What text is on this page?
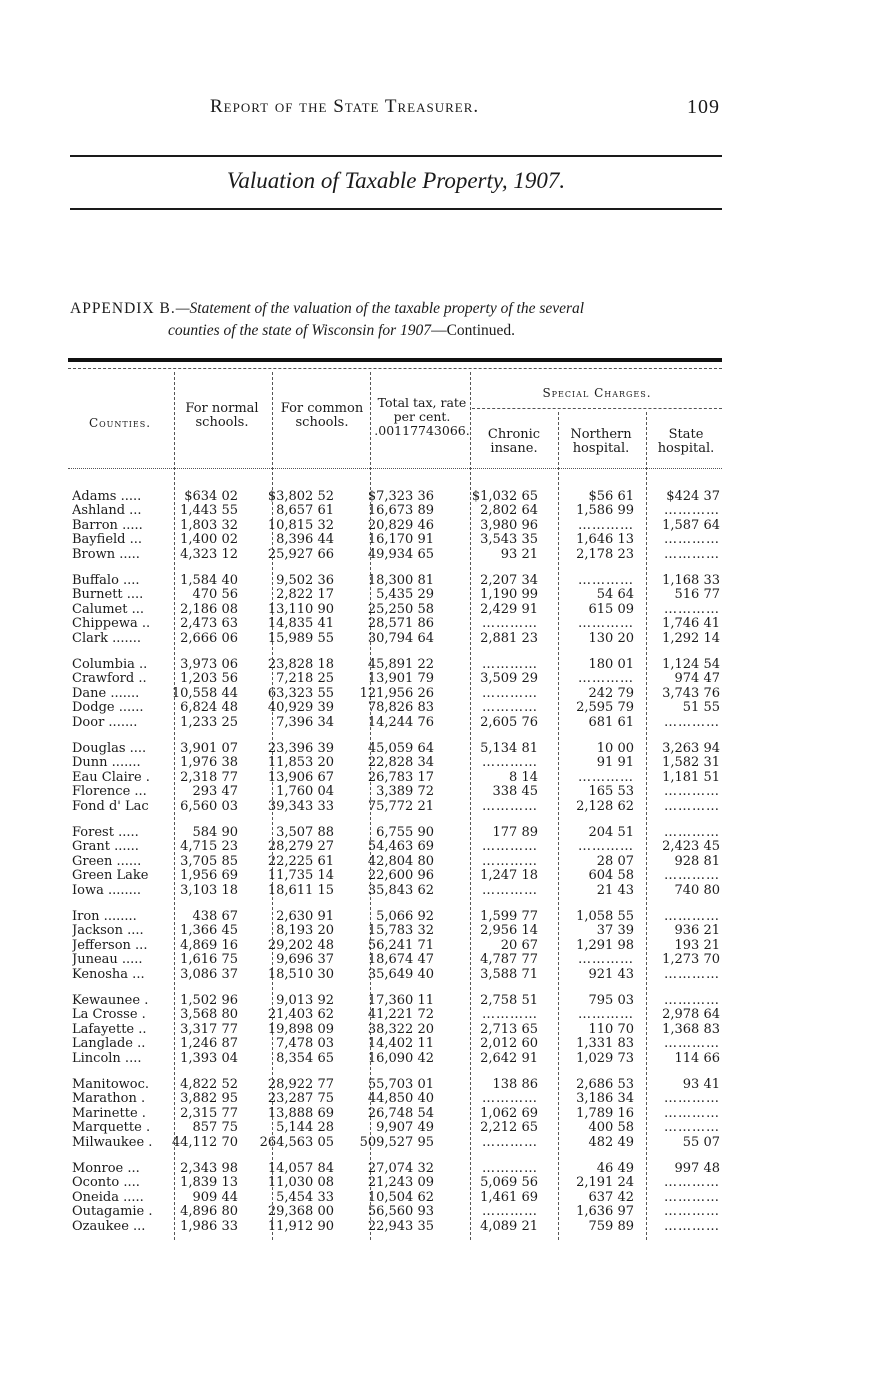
Report of the State Treasurer.	109
Valuation of Taxable Property, 1907.
APPENDIX B.—Statement of the valuation of the taxable property of the several
counties of the state of Wisconsin for 1907—Continued.
Counties.
For normal schools.
For common schools.
Total tax, rate per cent. .00117743066.
Special Charges.
Chronic insane.
Northern hospital.
State hospital.
Adams .....	$634 02	$3,802 52	$7,323 36	$1,032 65	$56 61	$424 37
Ashland ...	1,443 55	8,657 61	16,673 89	2,802 64	1,586 99	…………
Barron .....	1,803 32	10,815 32	20,829 46	3,980 96	…………	1,587 64
Bayfield ...	1,400 02	8,396 44	16,170 91	3,543 35	1,646 13	…………
Brown .....	4,323 12	25,927 66	49,934 65	93 21	2,178 23	…………
Buffalo ....	1,584 40	9,502 36	18,300 81	2,207 34	…………	1,168 33
Burnett ....	470 56	2,822 17	5,435 29	1,190 99	54 64	516 77
Calumet ...	2,186 08	13,110 90	25,250 58	2,429 91	615 09	…………
Chippewa ..	2,473 63	14,835 41	28,571 86	…………	…………	1,746 41
Clark .......	2,666 06	15,989 55	30,794 64	2,881 23	130 20	1,292 14
Columbia ..	3,973 06	23,828 18	45,891 22	…………	180 01	1,124 54
Crawford ..	1,203 56	7,218 25	13,901 79	3,509 29	…………	974 47
Dane .......	10,558 44	63,323 55	121,956 26	…………	242 79	3,743 76
Dodge ......	6,824 48	40,929 39	78,826 83	…………	2,595 79	51 55
Door .......	1,233 25	7,396 34	14,244 76	2,605 76	681 61	…………
Douglas ....	3,901 07	23,396 39	45,059 64	5,134 81	10 00	3,263 94
Dunn .......	1,976 38	11,853 20	22,828 34	…………	91 91	1,582 31
Eau Claire .	2,318 77	13,906 67	26,783 17	8 14	…………	1,181 51
Florence ...	293 47	1,760 04	3,389 72	338 45	165 53	…………
Fond d' Lac	6,560 03	39,343 33	75,772 21	…………	2,128 62	…………
Forest .....	584 90	3,507 88	6,755 90	177 89	204 51	…………
Grant ......	4,715 23	28,279 27	54,463 69	…………	…………	2,423 45
Green ......	3,705 85	22,225 61	42,804 80	…………	28 07	928 81
Green Lake	1,956 69	11,735 14	22,600 96	1,247 18	604 58	…………
Iowa ........	3,103 18	18,611 15	35,843 62	…………	21 43	740 80
Iron ........	438 67	2,630 91	5,066 92	1,599 77	1,058 55	…………
Jackson ....	1,366 45	8,193 20	15,783 32	2,956 14	37 39	936 21
Jefferson ...	4,869 16	29,202 48	56,241 71	20 67	1,291 98	193 21
Juneau .....	1,616 75	9,696 37	18,674 47	4,787 77	…………	1,273 70
Kenosha ...	3,086 37	18,510 30	35,649 40	3,588 71	921 43	…………
Kewaunee .	1,502 96	9,013 92	17,360 11	2,758 51	795 03	…………
La Crosse .	3,568 80	21,403 62	41,221 72	…………	…………	2,978 64
Lafayette ..	3,317 77	19,898 09	38,322 20	2,713 65	110 70	1,368 83
Langlade ..	1,246 87	7,478 03	14,402 11	2,012 60	1,331 83	…………
Lincoln ....	1,393 04	8,354 65	16,090 42	2,642 91	1,029 73	114 66
Manitowoc.	4,822 52	28,922 77	55,703 01	138 86	2,686 53	93 41
Marathon .	3,882 95	23,287 75	44,850 40	…………	3,186 34	…………
Marinette .	2,315 77	13,888 69	26,748 54	1,062 69	1,789 16	…………
Marquette .	857 75	5,144 28	9,907 49	2,212 65	400 58	…………
Milwaukee .	44,112 70	264,563 05	509,527 95	…………	482 49	55 07
Monroe ...	2,343 98	14,057 84	27,074 32	…………	46 49	997 48
Oconto ....	1,839 13	11,030 08	21,243 09	5,069 56	2,191 24	…………
Oneida .....	909 44	5,454 33	10,504 62	1,461 69	637 42	…………
Outagamie .	4,896 80	29,368 00	56,560 93	…………	1,636 97	…………
Ozaukee ...	1,986 33	11,912 90	22,943 35	4,089 21	759 89	…………
